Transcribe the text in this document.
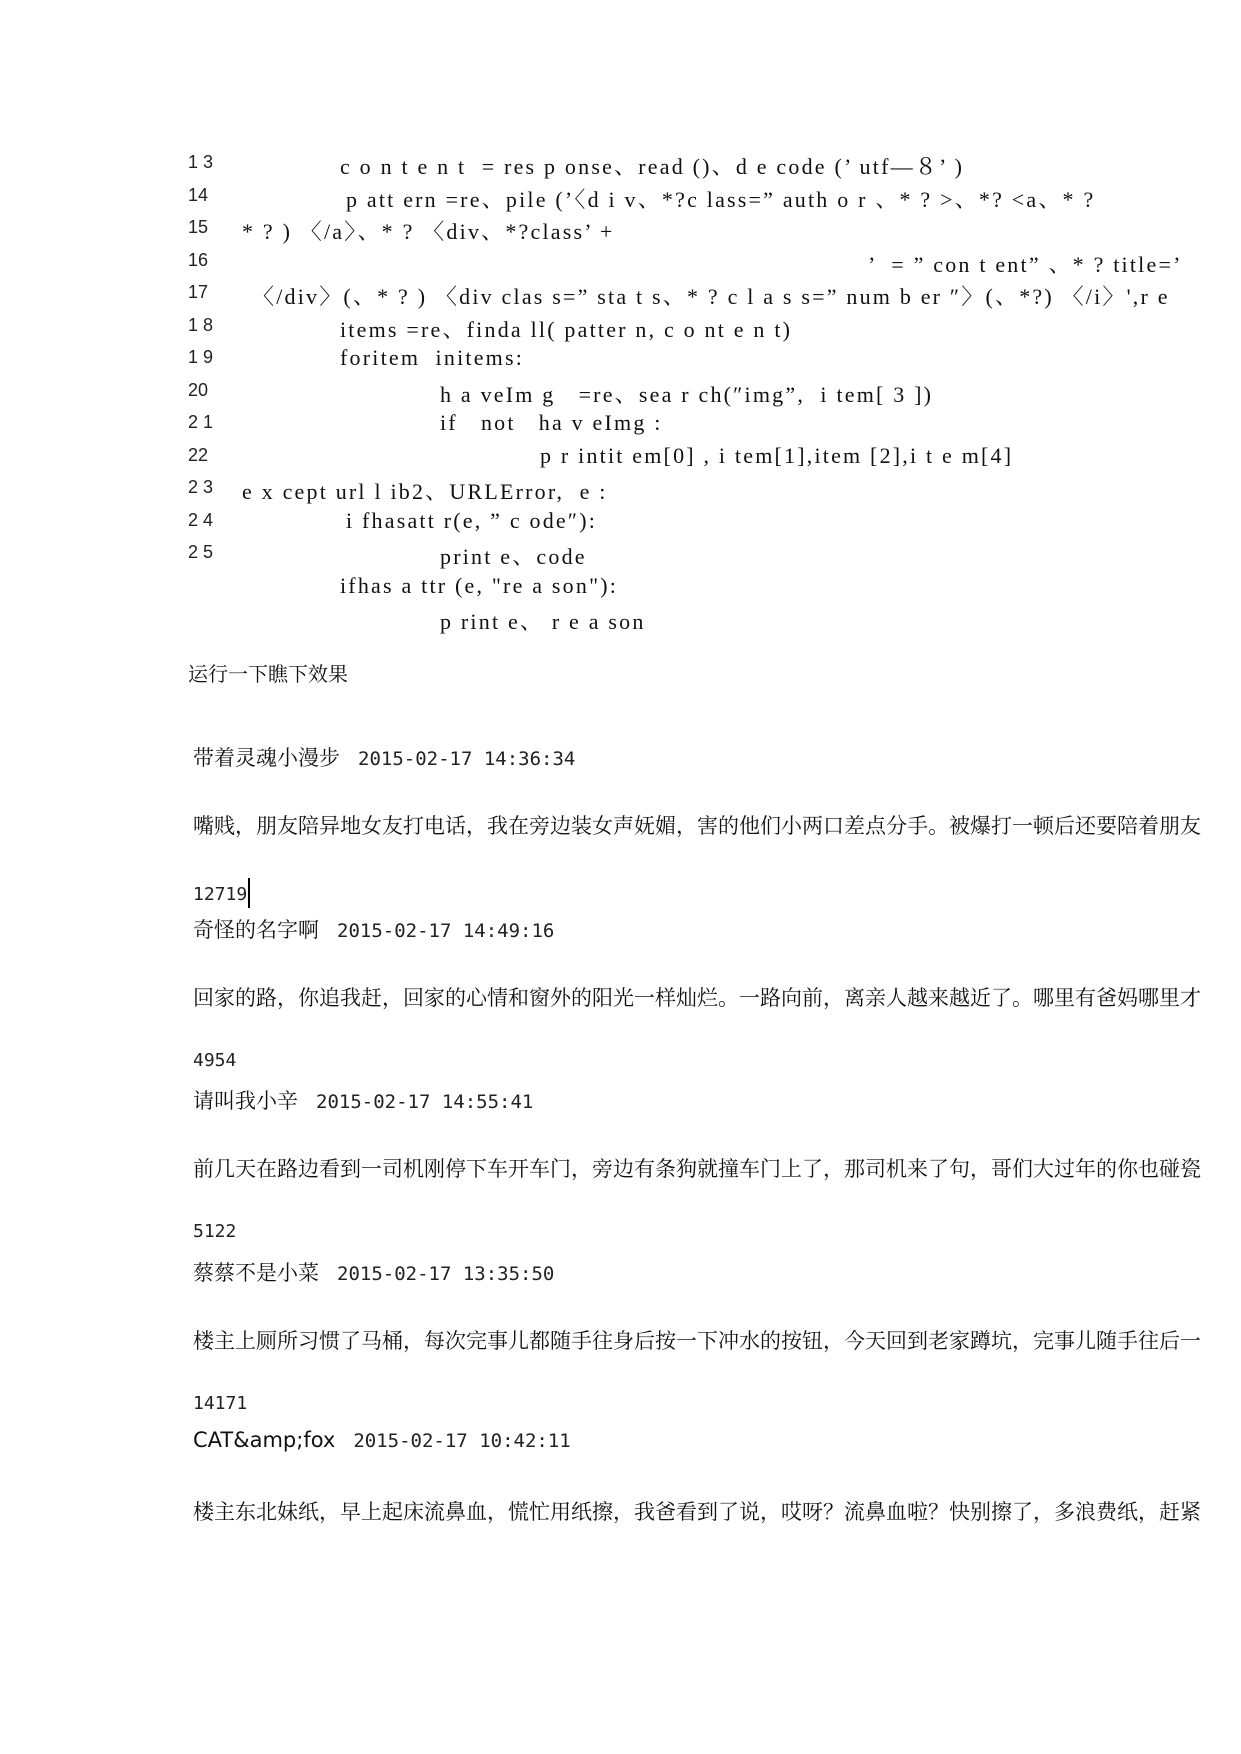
1 3	c o n t e n t  = res p onse、read ()、d e code (’ utf—８’ )
14	p att ern =re、pile (’〈d i v、*?c lass=” auth o r 、* ? >、*? <a、* ?
15 * ? ) 〈/a〉、* ? 〈div、*?class’ +
16	’  = ” con t ent” 、* ? title=’
17 〈/div〉(、* ? ) 〈div clas s=” sta t s、* ? c l a s s=” num b er ″〉(、*?) 〈/i〉',r e
1 8	items =re、finda ll( patter n, c o nt e n t)
1 9	foritem  initems:
20	h a veIm g   =re、sea r ch(″img”,  i tem[ 3 ])
2 1	if   not   ha v eImg :
22	p r intit em[0] , i tem[1],item [2],i t e m[4]
2 3 e x cept url l ib2、URLError,  e :
2 4	i fhasatt r(e, ” c ode″):
2 5	print e、code
ifhas a ttr (e, "re a son"):
p rint e、 r e a son
运行一下瞧下效果
带着灵魂小漫步 2015-02-17 14:36:34
嘴贱，朋友陪异地女友打电话，我在旁边装女声妩媚，害的他们小两口差点分手。被爆打一顿后还要陪着朋友
12719
奇怪的名字啊 2015-02-17 14:49:16
回家的路，你追我赶，回家的心情和窗外的阳光一样灿烂。一路向前，离亲人越来越近了。哪里有爸妈哪里才
4954
请叫我小辛 2015-02-17 14:55:41
前几天在路边看到一司机刚停下车开车门，旁边有条狗就撞车门上了，那司机来了句，哥们大过年的你也碰瓷
5122
蔡蔡不是小菜 2015-02-17 13:35:50
楼主上厕所习惯了马桶，每次完事儿都随手往身后按一下冲水的按钮，今天回到老家蹲坑，完事儿随手往后一
14171
CAT&amp;fox 2015-02-17 10:42:11
楼主东北妹纸，早上起床流鼻血，慌忙用纸擦，我爸看到了说，哎呀？流鼻血啦？快别擦了，多浪费纸，赶紧
